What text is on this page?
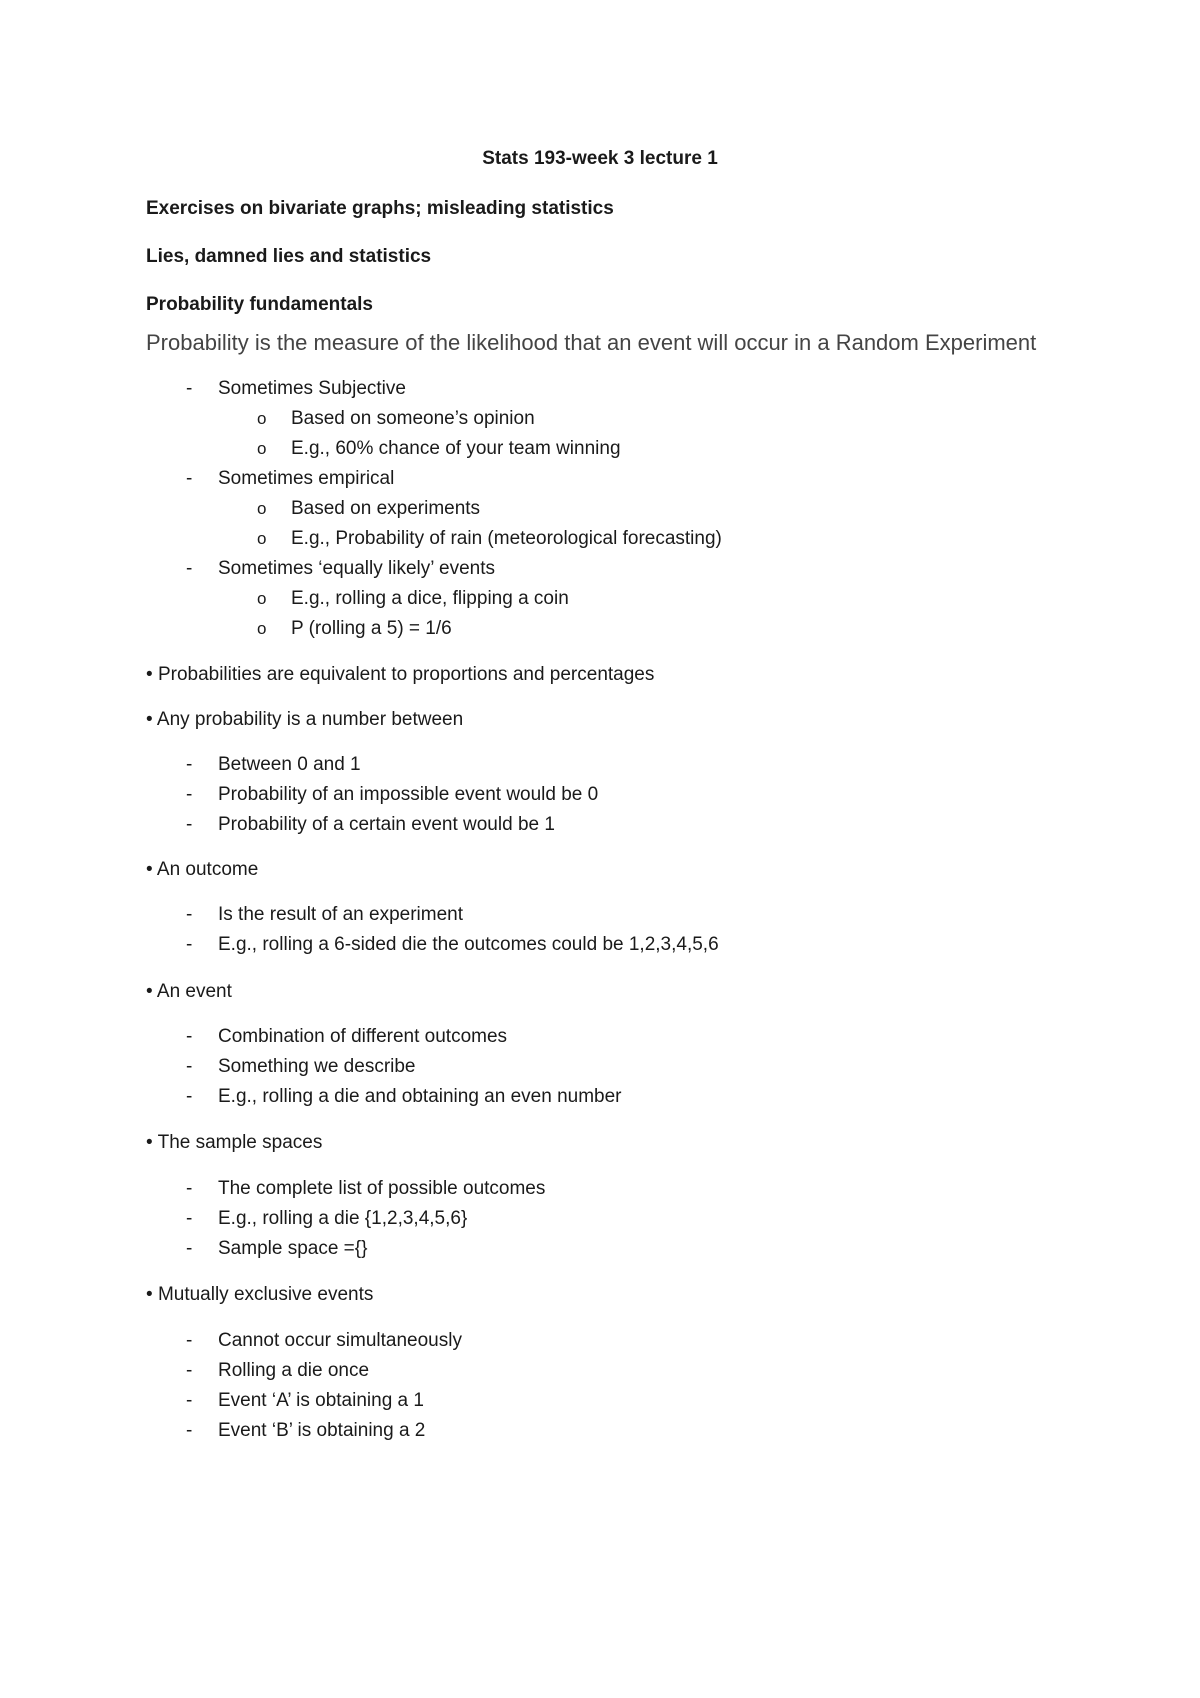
Stats 193-week 3 lecture 1
Exercises on bivariate graphs; misleading statistics
Lies, damned lies and statistics
Probability fundamentals
Probability is the measure of the likelihood that an event will occur in a Random Experiment
-	Sometimes Subjective
o Based on someone’s opinion
o E.g., 60% chance of your team winning
-	Sometimes empirical
o Based on experiments
o E.g., Probability of rain (meteorological forecasting)
-	Sometimes ‘equally likely’ events
o E.g., rolling a dice, flipping a coin
o P (rolling a 5) = 1/6
• Probabilities are equivalent to proportions and percentages
• Any probability is a number between
-	Between 0 and 1
-	Probability of an impossible event would be 0
-	Probability of a certain event would be 1
• An outcome
-	Is the result of an experiment
-	E.g., rolling a 6-sided die the outcomes could be 1,2,3,4,5,6
• An event
-	Combination of different outcomes
-	Something we describe
-	E.g., rolling a die and obtaining an even number
• The sample spaces
-	The complete list of possible outcomes
-	E.g., rolling a die {1,2,3,4,5,6}
-	Sample space ={}
• Mutually exclusive events
-	Cannot occur simultaneously
-	Rolling a die once
-	Event ‘A’ is obtaining a 1
-	Event ‘B’ is obtaining a 2
